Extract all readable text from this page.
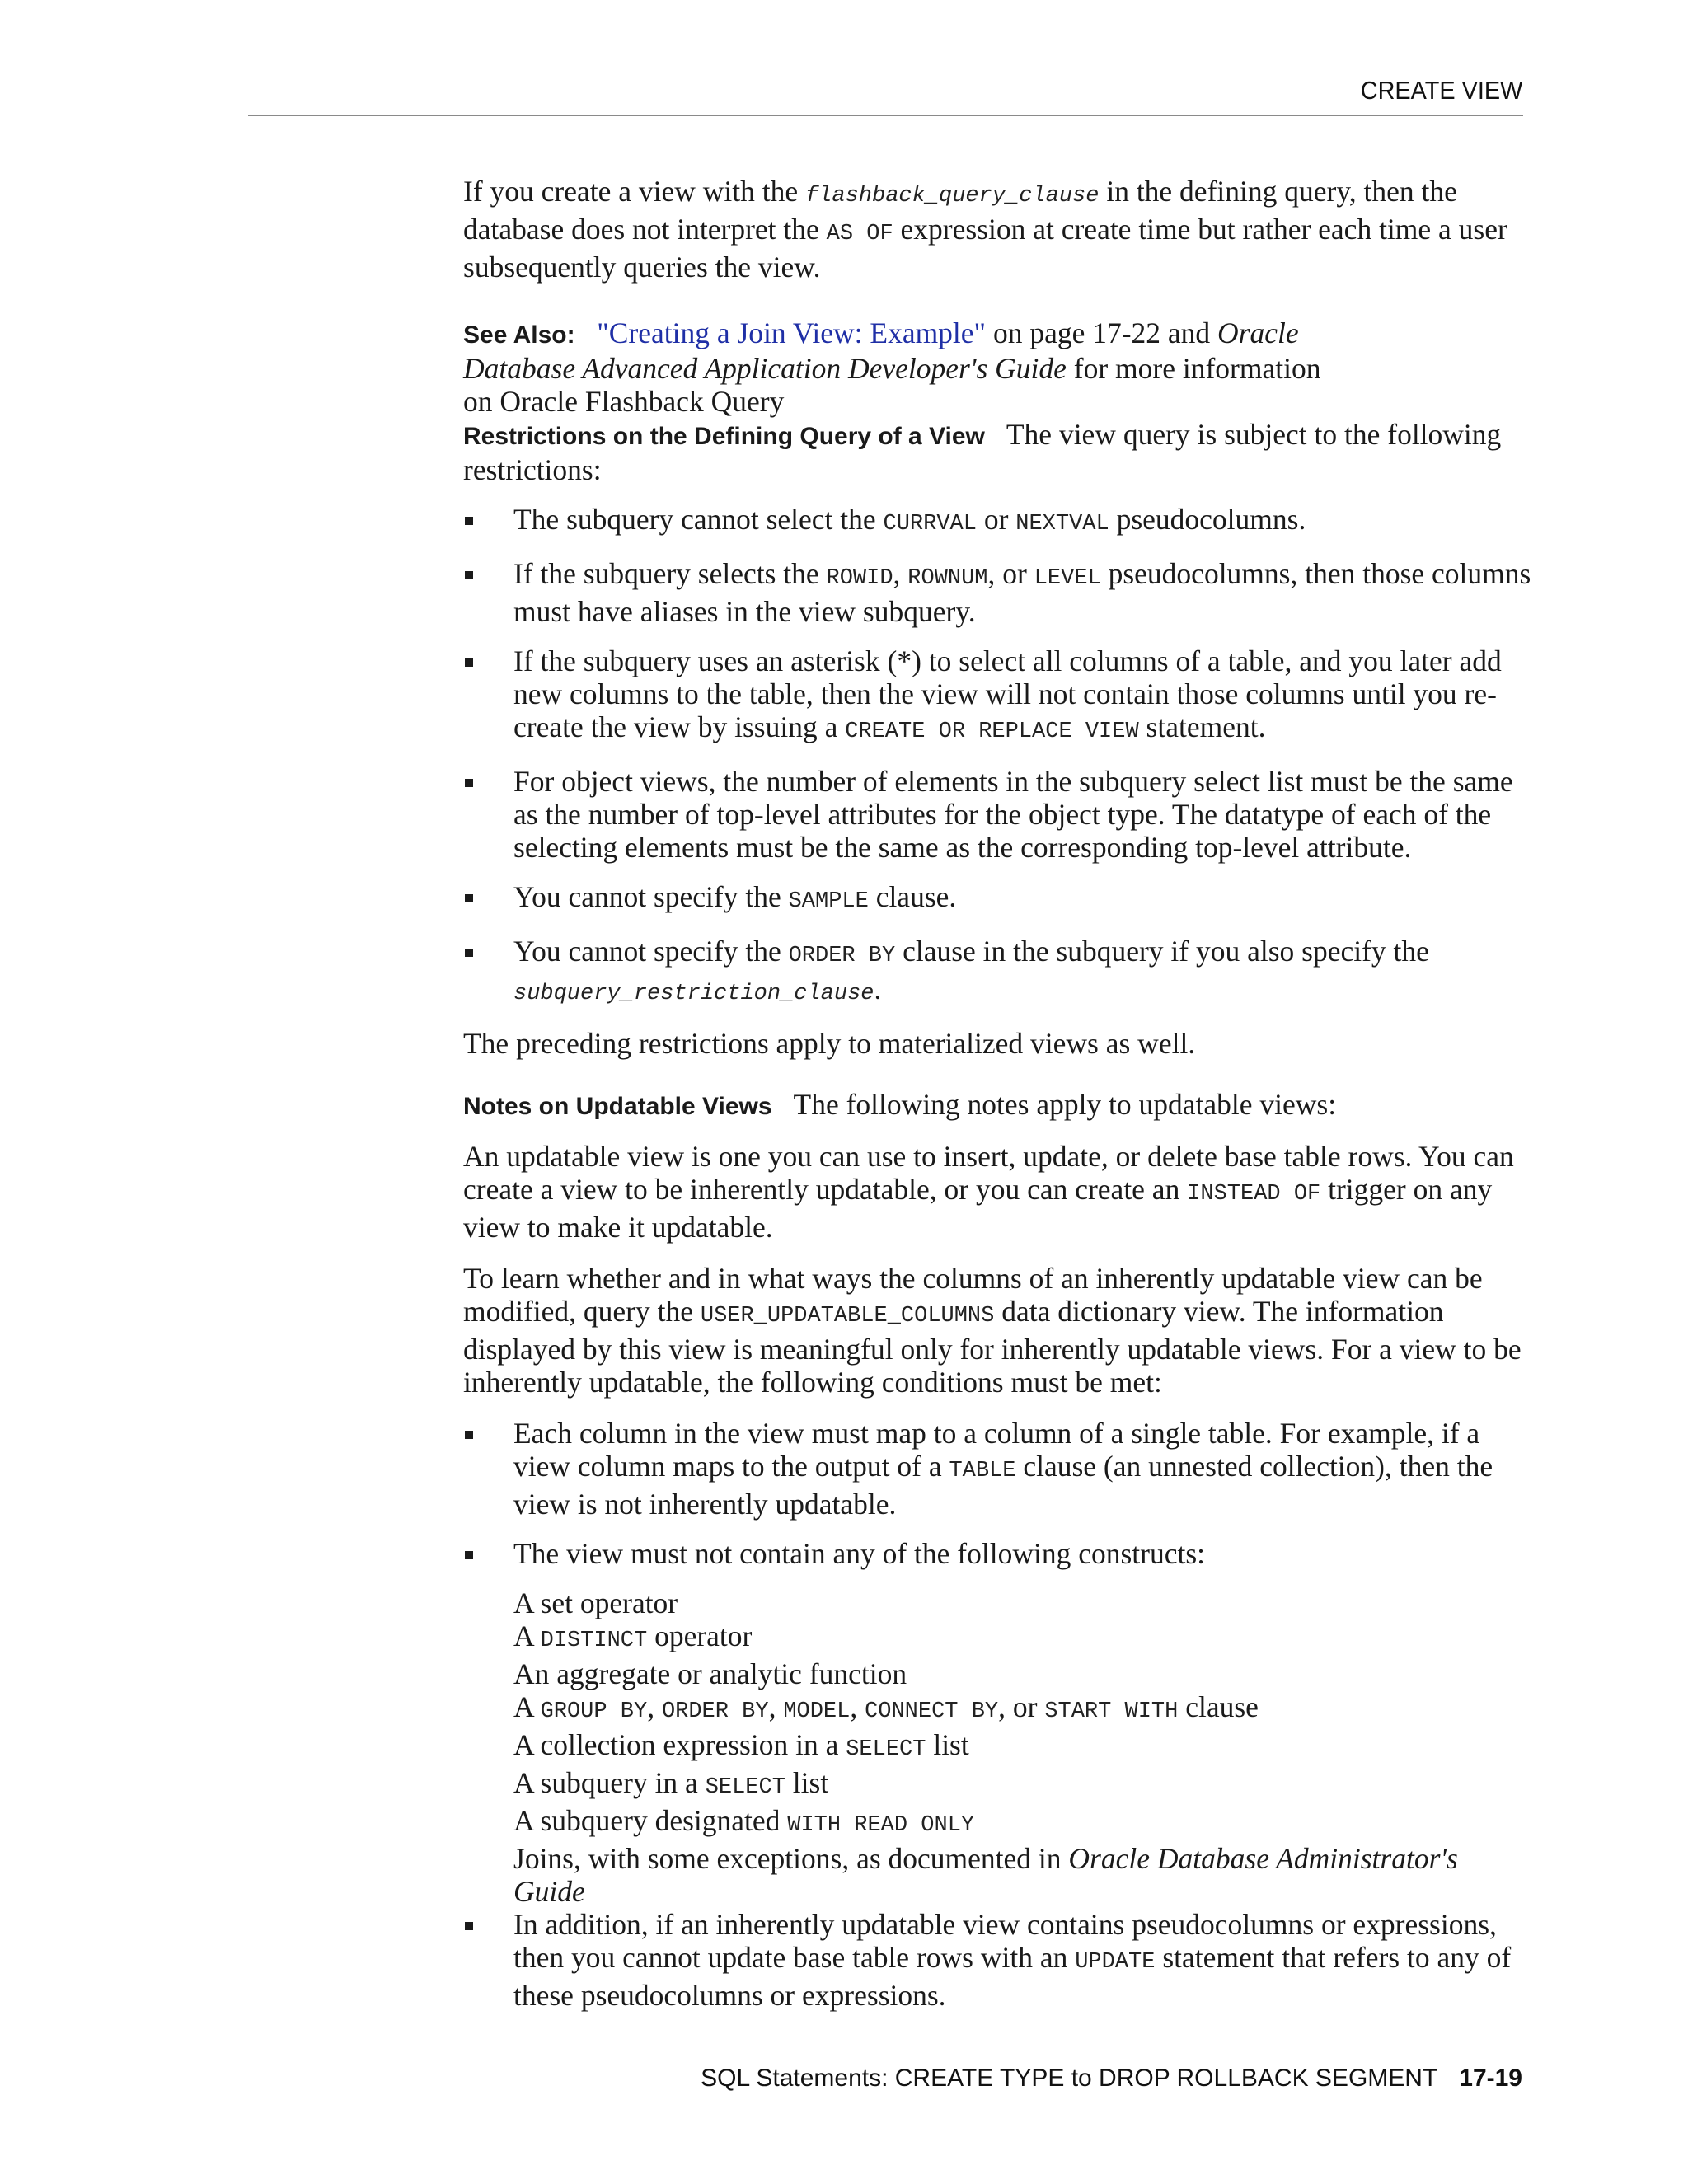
CREATE VIEW

If you create a view with the flashback_query_clause in the defining query, then the database does not interpret the AS OF expression at create time but rather each time a user subsequently queries the view.

See Also: "Creating a Join View: Example" on page 17-22 and Oracle Database Advanced Application Developer's Guide for more information on Oracle Flashback Query

Restrictions on the Defining Query of a View   The view query is subject to the following restrictions:

The subquery cannot select the CURRVAL or NEXTVAL pseudocolumns.
If the subquery selects the ROWID, ROWNUM, or LEVEL pseudocolumns, then those columns must have aliases in the view subquery.
If the subquery uses an asterisk (*) to select all columns of a table, and you later add new columns to the table, then the view will not contain those columns until you re-create the view by issuing a CREATE OR REPLACE VIEW statement.
For object views, the number of elements in the subquery select list must be the same as the number of top-level attributes for the object type. The datatype of each of the selecting elements must be the same as the corresponding top-level attribute.
You cannot specify the SAMPLE clause.
You cannot specify the ORDER BY clause in the subquery if you also specify the subquery_restriction_clause.

The preceding restrictions apply to materialized views as well.

Notes on Updatable Views   The following notes apply to updatable views:

An updatable view is one you can use to insert, update, or delete base table rows. You can create a view to be inherently updatable, or you can create an INSTEAD OF trigger on any view to make it updatable.

To learn whether and in what ways the columns of an inherently updatable view can be modified, query the USER_UPDATABLE_COLUMNS data dictionary view. The information displayed by this view is meaningful only for inherently updatable views. For a view to be inherently updatable, the following conditions must be met:

Each column in the view must map to a column of a single table. For example, if a view column maps to the output of a TABLE clause (an unnested collection), then the view is not inherently updatable.
The view must not contain any of the following constructs:
A set operator
A DISTINCT operator
An aggregate or analytic function
A GROUP BY, ORDER BY, MODEL, CONNECT BY, or START WITH clause
A collection expression in a SELECT list
A subquery in a SELECT list
A subquery designated WITH READ ONLY
Joins, with some exceptions, as documented in Oracle Database Administrator's Guide
In addition, if an inherently updatable view contains pseudocolumns or expressions, then you cannot update base table rows with an UPDATE statement that refers to any of these pseudocolumns or expressions.
SQL Statements: CREATE TYPE to DROP ROLLBACK SEGMENT 17-19
